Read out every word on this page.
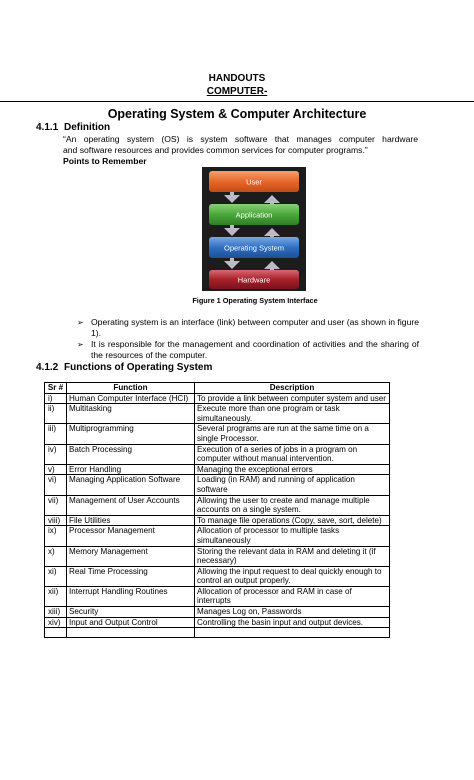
HANDOUTS
COMPUTER-
Operating System & Computer Architecture
4.1.1 Definition
“An operating system (OS) is system software that manages computer hardware
and software resources and provides common services for computer programs.”
Points to Remember
User
Application
Operating System
Hardware
Figure 1 Operating System Interface
➢ Operating system is an interface (link) between computer and user (as shown in figure
1).
➢ It is responsible for the management and coordination of activities and the sharing of
the resources of the computer.
4.1.2 Functions of Operating System
Sr #	Function	Description
i)	Human Computer Interface (HCI)	To provide a link between computer system and user
ii)	Multitasking	Execute more than one program or task simultaneously.
iii)	Multiprogramming	Several programs are run at the same time on a single Processor.
iv)	Batch Processing	Execution of a series of jobs in a program on computer without manual intervention.
v)	Error Handling	Managing the exceptional errors
vi)	Managing Application Software	Loading (in RAM) and running of application software
vii)	Management of User Accounts	Allowing the user to create and manage multiple accounts on a single system.
viii)	File Utilities	To manage file operations (Copy, save, sort, delete)
ix)	Processor Management	Allocation of processor to multiple tasks simultaneously
x)	Memory Management	Storing the relevant data in RAM and deleting it (if necessary)
xi)	Real Time Processing	Allowing the input request to deal quickly enough to control an output properly.
xii)	Interrupt Handling Routines	Allocation of processor and RAM in case of interrupts
xiii)	Security	Manages Log on, Passwords
xiv)	Input and Output Control	Controlling the basin input and output devices.
